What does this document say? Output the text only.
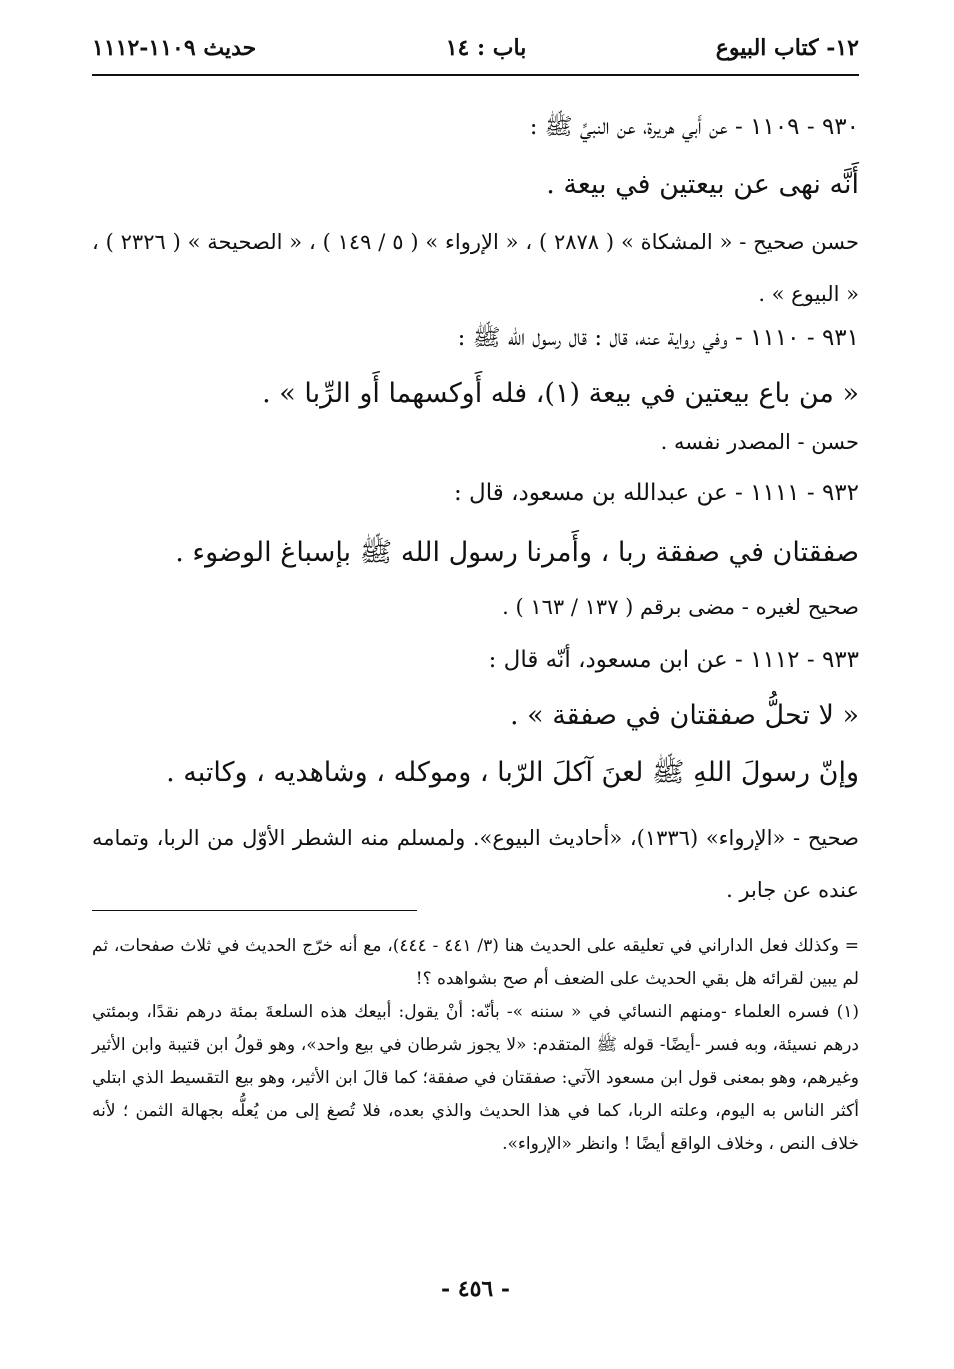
١٢- كتاب البيوع
باب : ١٤
حديث ١١٠٩-١١١٢
٩٣٠ - ١١٠٩ - عن أَبي هريرة، عن النبيِّ ﷺ :
أَنَّه نهى عن بيعتين في بيعة .
حسن صحيح - « المشكاة » ( ٢٨٧٨ ) ، « الإرواء » ( ٥ / ١٤٩ ) ، « الصحيحة » ( ٢٣٢٦ ) ، « البيوع » .
٩٣١ - ١١١٠ - وفي رواية عنه، قال : قال رسول الله ﷺ :
« من باع بيعتين في بيعة (١)، فله أَوكسهما أَو الرِّبا » .
حسن - المصدر نفسه .
٩٣٢ - ١١١١ - عن عبدالله بن مسعود، قال :
صفقتان في صفقة ربا ، وأَمرنا رسول الله ﷺ بإسباغ الوضوء .
صحيح لغيره - مضى برقم ( ١٣٧ / ١٦٣ ) .
٩٣٣ - ١١١٢ - عن ابن مسعود، أنّه قال :
« لا تحلُّ صفقتان في صفقة » .
وإنّ رسولَ اللهِ ﷺ لعنَ آكلَ الرّبا ، وموكله ، وشاهديه ، وكاتبه .
صحيح - «الإرواء» (١٣٣٦)، «أحاديث البيوع». ولمسلم منه الشطر الأوّل من الربا، وتمامه عنده عن جابر .

= وكذلك فعل الداراني في تعليقه على الحديث هنا (٣/ ٤٤١ - ٤٤٤)، مع أنه خرّج الحديث في ثلاث صفحات، ثم لم يبين لقرائه هل بقي الحديث على الضعف أم صح بشواهده ؟!

(١) فسره العلماء -ومنهم النسائي في « سننه »- بأنّه: أنْ يقول: أبيعك هذه السلعةَ بمئة درهم نقدًا، وبمئتي درهم نسيئة، وبه فسر -أيضًا- قوله ﷺ المتقدم: «لا يجوز شرطان في بيع واحد»، وهو قولُ ابن قتيبة وابن الأثير وغيرهم، وهو بمعنى قول ابن مسعود الآتي: صفقتان في صفقة؛ كما قالَ ابن الأثير، وهو بيع التقسيط الذي ابتلي أكثر الناس به اليوم، وعلته الربا، كما في هذا الحديث والذي بعده، فلا تُصغ إلى من يُعلُّه بجهالة الثمن ؛ لأنه خلاف النص ، وخلاف الواقع أيضًا ! وانظر «الإرواء».

- ٤٥٦ -
